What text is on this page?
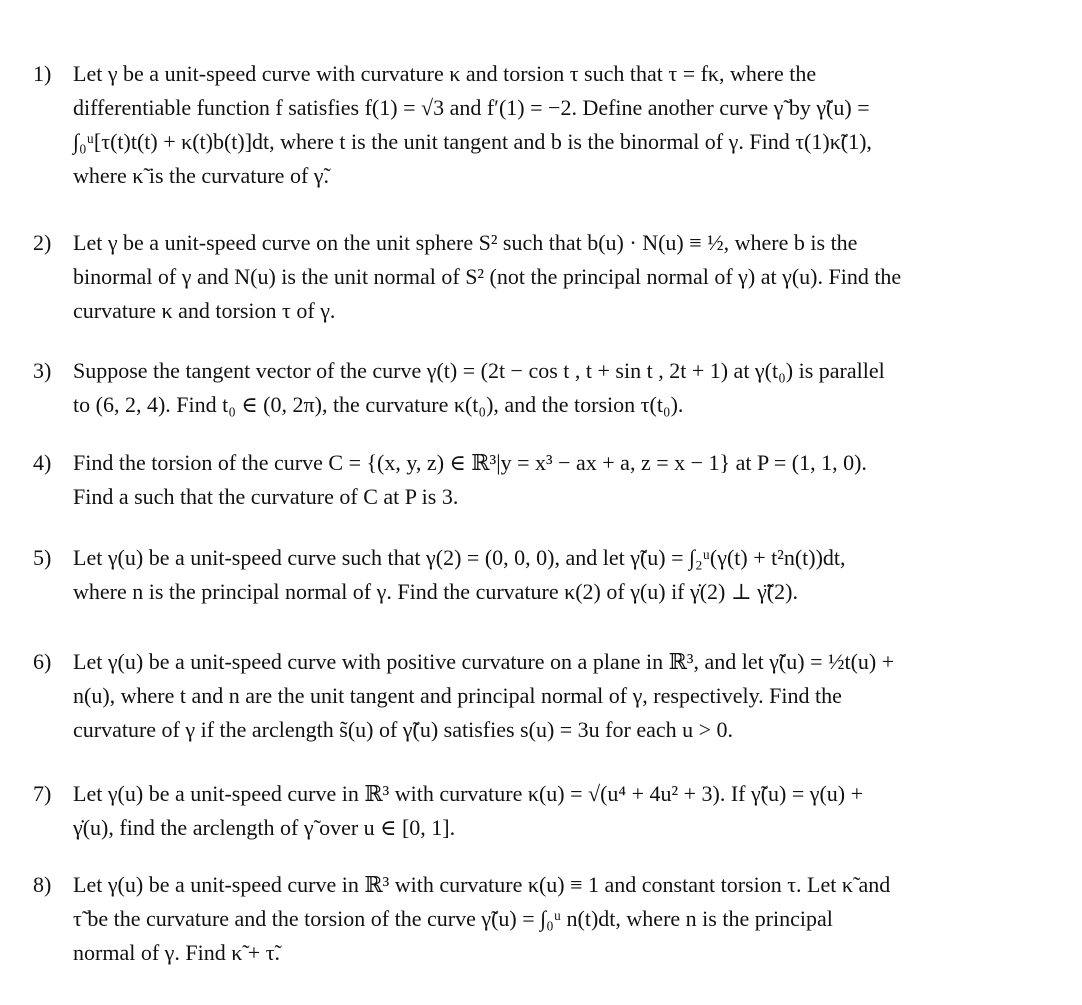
1) Let γ be a unit-speed curve with curvature κ and torsion τ such that τ = fκ, where the
differentiable function f satisfies f(1) = √3 and f′(1) = −2. Define another curve γ̃ by γ̃(u) =
∫₀ᵘ[τ(t)t(t) + κ(t)b(t)]dt, where t is the unit tangent and b is the binormal of γ. Find τ(1)κ̃(1),
where κ̃ is the curvature of γ̃.
2) Let γ be a unit-speed curve on the unit sphere S² such that b(u) · N(u) ≡ ½, where b is the
binormal of γ and N(u) is the unit normal of S² (not the principal normal of γ) at γ(u). Find the
curvature κ and torsion τ of γ.
3) Suppose the tangent vector of the curve γ(t) = (2t − cos t , t + sin t , 2t + 1) at γ(t₀) is parallel
to (6, 2, 4). Find t₀ ∈ (0, 2π), the curvature κ(t₀), and the torsion τ(t₀).
4) Find the torsion of the curve C = {(x, y, z) ∈ ℝ³|y = x³ − ax + a, z = x − 1} at P = (1, 1, 0).
Find a such that the curvature of C at P is 3.
5) Let γ(u) be a unit-speed curve such that γ(2) = (0, 0, 0), and let γ̃(u) = ∫₂ᵘ(γ(t) + t²n(t))dt,
where n is the principal normal of γ. Find the curvature κ(2) of γ(u) if γ̇(2) ⊥ γ̃̈(2).
6) Let γ(u) be a unit-speed curve with positive curvature on a plane in ℝ³, and let γ̃(u) = ½t(u) +
n(u), where t and n are the unit tangent and principal normal of γ, respectively. Find the
curvature of γ if the arclength s̃(u) of γ̃(u) satisfies s(u) = 3u for each u > 0.
7) Let γ(u) be a unit-speed curve in ℝ³ with curvature κ(u) = √(u⁴ + 4u² + 3). If γ̃(u) = γ(u) +
γ̇(u), find the arclength of γ̃ over u ∈ [0, 1].
8) Let γ(u) be a unit-speed curve in ℝ³ with curvature κ(u) ≡ 1 and constant torsion τ. Let κ̃ and
τ̃ be the curvature and the torsion of the curve γ̃(u) = ∫₀ᵘ n(t)dt, where n is the principal
normal of γ. Find κ̃ + τ̃.
